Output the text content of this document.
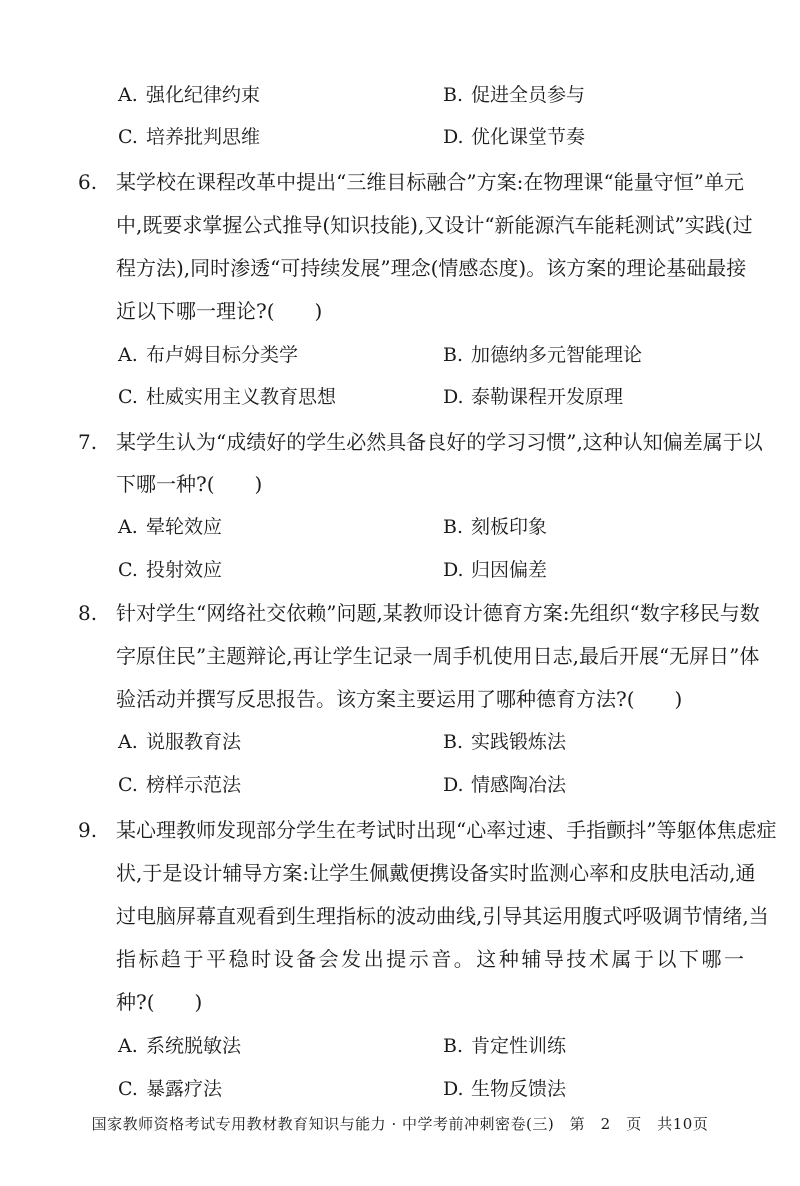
A. 强化纪律约束	B. 促进全员参与
C. 培养批判思维	D. 优化课堂节奏
6. 某学校在课程改革中提出“三维目标融合”方案:在物理课“能量守恒”单元
中,既要求掌握公式推导(知识技能),又设计“新能源汽车能耗测试”实践(过
程方法),同时渗透“可持续发展”理念(情感态度)。该方案的理论基础最接
近以下哪一理论?(　　)
A. 布卢姆目标分类学	B. 加德纳多元智能理论
C. 杜威实用主义教育思想	D. 泰勒课程开发原理
7. 某学生认为“成绩好的学生必然具备良好的学习习惯”,这种认知偏差属于以
下哪一种?(　　)
A. 晕轮效应	B. 刻板印象
C. 投射效应	D. 归因偏差
8. 针对学生“网络社交依赖”问题,某教师设计德育方案:先组织“数字移民与数
字原住民”主题辩论,再让学生记录一周手机使用日志,最后开展“无屏日”体
验活动并撰写反思报告。该方案主要运用了哪种德育方法?(　　)
A. 说服教育法	B. 实践锻炼法
C. 榜样示范法	D. 情感陶冶法
9. 某心理教师发现部分学生在考试时出现“心率过速、手指颤抖”等躯体焦虑症
状,于是设计辅导方案:让学生佩戴便携设备实时监测心率和皮肤电活动,通
过电脑屏幕直观看到生理指标的波动曲线,引导其运用腹式呼吸调节情绪,当
指标趋于平稳时设备会发出提示音。这种辅导技术属于以下哪一
种?(　　)
A. 系统脱敏法	B. 肯定性训练
C. 暴露疗法	D. 生物反馈法
国家教师资格考试专用教材教育知识与能力 · 中学考前冲刺密卷(三)　第　2　页　共10页
